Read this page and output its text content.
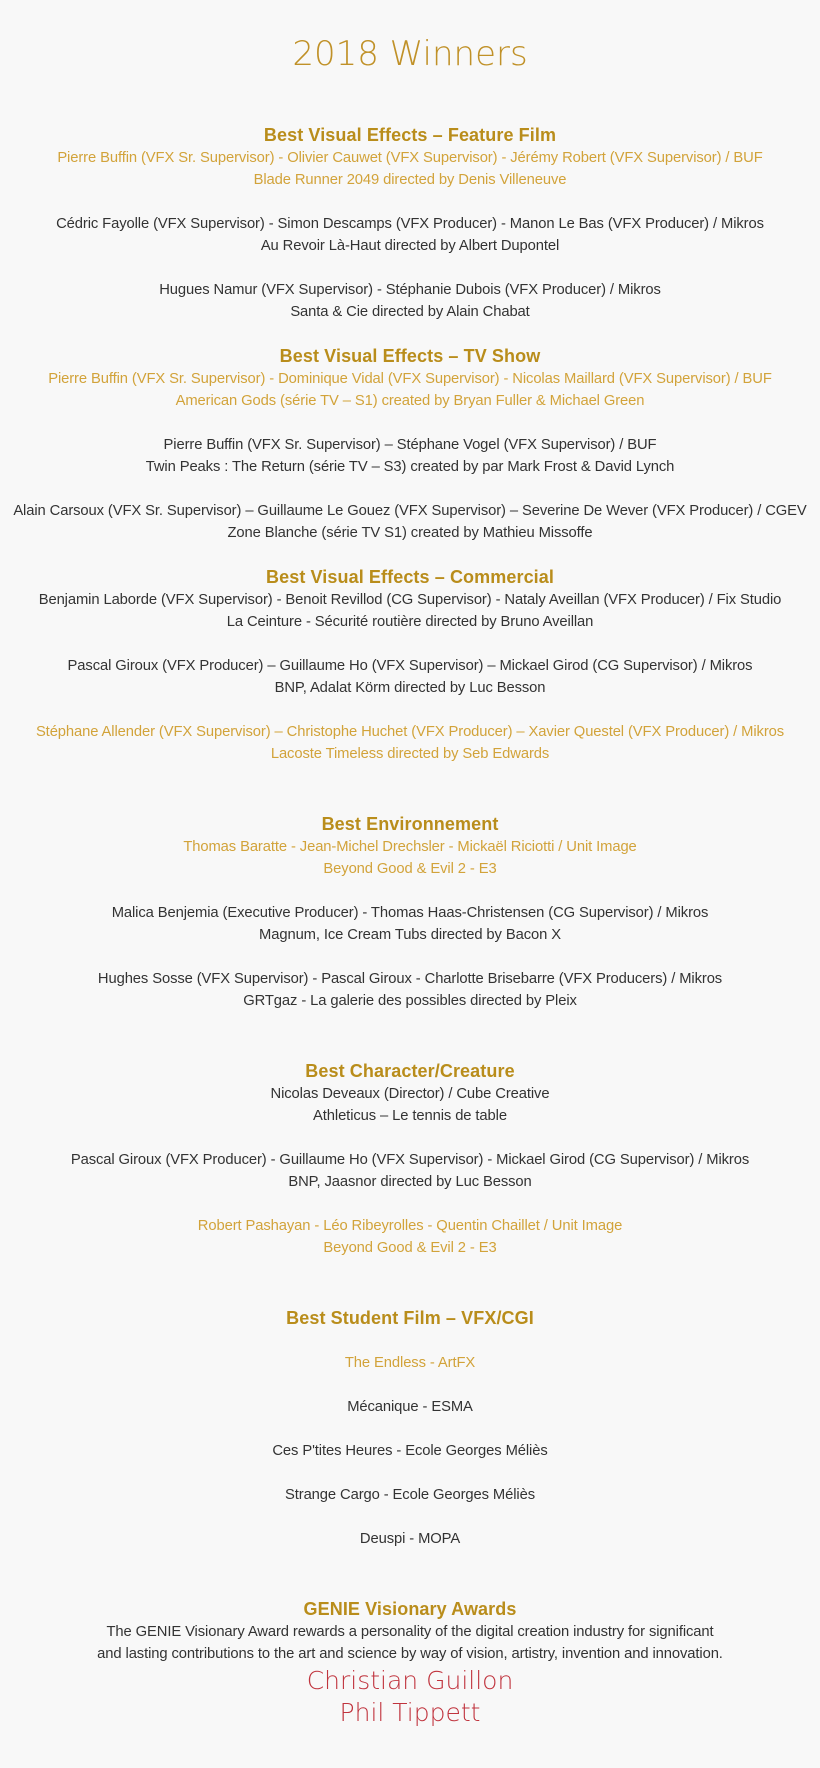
2018 Winners
Best Visual Effects – Feature Film
Pierre Buffin (VFX Sr. Supervisor) - Olivier Cauwet (VFX Supervisor) - Jérémy Robert (VFX Supervisor) / BUF
Blade Runner 2049 directed by Denis Villeneuve
Cédric Fayolle (VFX Supervisor) - Simon Descamps (VFX Producer) - Manon Le Bas (VFX Producer) / Mikros
Au Revoir Là-Haut directed by Albert Dupontel
Hugues Namur (VFX Supervisor) - Stéphanie Dubois (VFX Producer) / Mikros
Santa & Cie directed by Alain Chabat
Best Visual Effects – TV Show
Pierre Buffin (VFX Sr. Supervisor) - Dominique Vidal (VFX Supervisor) - Nicolas Maillard (VFX Supervisor) / BUF
American Gods (série TV – S1) created by Bryan Fuller & Michael Green
Pierre Buffin (VFX Sr. Supervisor) – Stéphane Vogel (VFX Supervisor) / BUF
Twin Peaks : The Return (série TV – S3) created by par Mark Frost & David Lynch
Alain Carsoux (VFX Sr. Supervisor) – Guillaume Le Gouez (VFX Supervisor) – Severine De Wever (VFX Producer) / CGEV
Zone Blanche (série TV S1) created by Mathieu Missoffe
Best Visual Effects – Commercial
Benjamin Laborde (VFX Supervisor) - Benoit Revillod (CG Supervisor) - Nataly Aveillan (VFX Producer) / Fix Studio
La Ceinture - Sécurité routière directed by Bruno Aveillan
Pascal Giroux (VFX Producer) – Guillaume Ho (VFX Supervisor) – Mickael Girod (CG Supervisor) / Mikros
BNP, Adalat Körm directed by Luc Besson
Stéphane Allender (VFX Supervisor) – Christophe Huchet (VFX Producer) – Xavier Questel (VFX Producer) / Mikros
Lacoste Timeless directed by Seb Edwards
Best Environnement
Thomas Baratte - Jean-Michel Drechsler - Mickaël Riciotti / Unit Image
Beyond Good & Evil 2 - E3
Malica Benjemia (Executive Producer) - Thomas Haas-Christensen (CG Supervisor) / Mikros
Magnum, Ice Cream Tubs directed by Bacon X
Hughes Sosse (VFX Supervisor) - Pascal Giroux - Charlotte Brisebarre (VFX Producers) / Mikros
GRTgaz - La galerie des possibles directed by Pleix
Best Character/Creature
Nicolas Deveaux (Director) / Cube Creative
Athleticus – Le tennis de table
Pascal Giroux (VFX Producer) - Guillaume Ho (VFX Supervisor) - Mickael Girod (CG Supervisor) / Mikros
BNP, Jaasnor directed by Luc Besson
Robert Pashayan - Léo Ribeyrolles - Quentin Chaillet / Unit Image
Beyond Good & Evil 2 - E3
Best Student Film – VFX/CGI
The Endless - ArtFX
Mécanique - ESMA
Ces P'tites Heures - Ecole Georges Méliès
Strange Cargo - Ecole Georges Méliès
Deuspi - MOPA
GENIE Visionary Awards
The GENIE Visionary Award rewards a personality of the digital creation industry for significant
and lasting contributions to the art and science by way of vision, artistry, invention and innovation.
Christian Guillon
Phil Tippett
